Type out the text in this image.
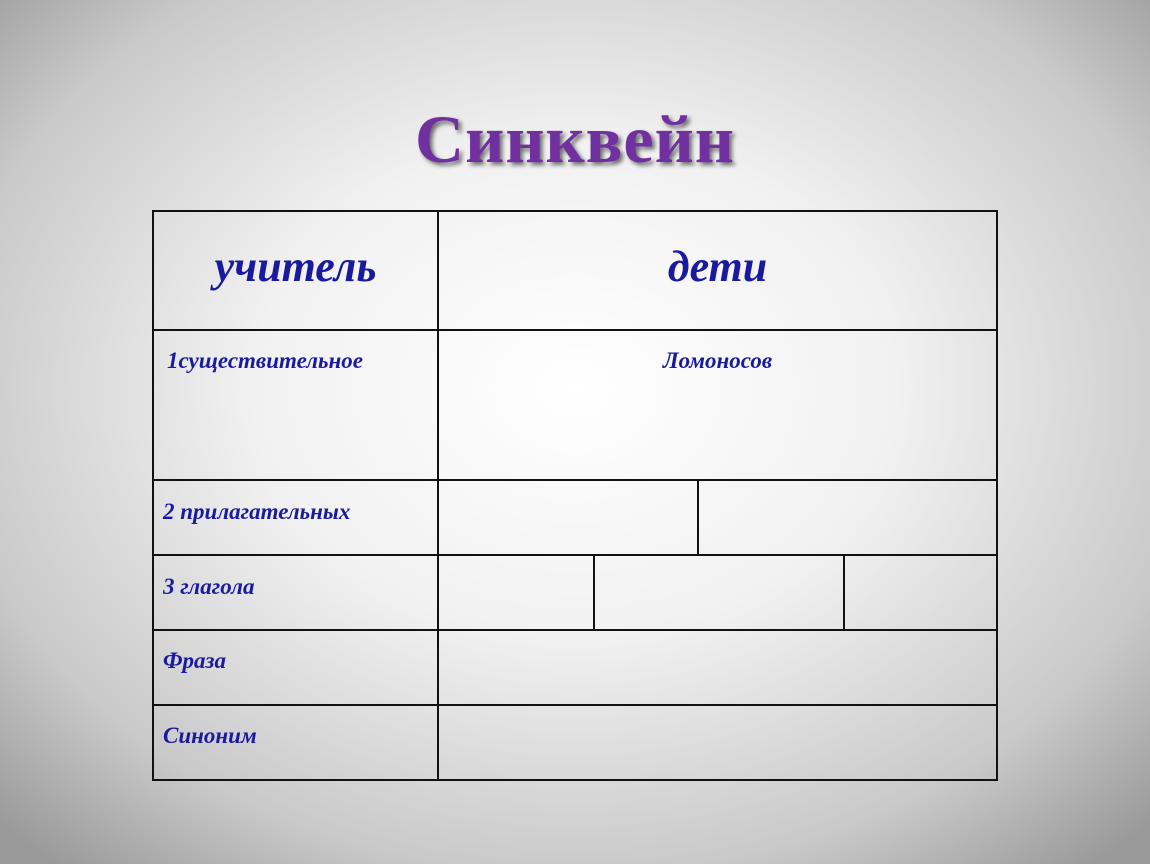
Синквейн
учитель	дети
1существительное	Ломоносов
2 прилагательных
3 глагола
Фраза
Синоним
